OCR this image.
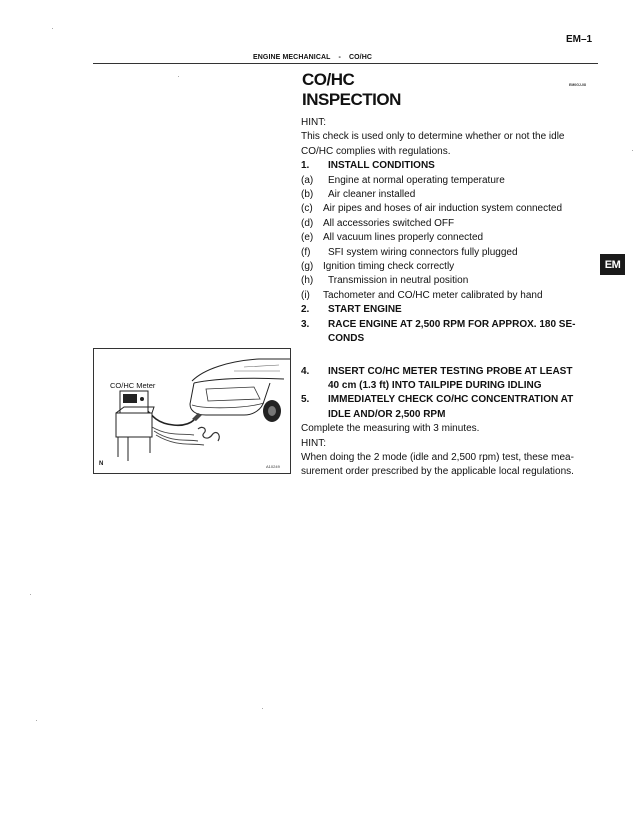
EM–1
ENGINE MECHANICAL - CO/HC
EM0GJ-08
CO/HC
INSPECTION
EM
HINT:
This check is used only to determine whether or not the idle
CO/HC complies with regulations.
1. INSTALL CONDITIONS
(a) Engine at normal operating temperature
(b) Air cleaner installed
(c) Air pipes and hoses of air induction system connected
(d) All accessories switched OFF
(e) All vacuum lines properly connected
(f) SFI system wiring connectors fully plugged
(g) Ignition timing check correctly
(h) Transmission in neutral position
(i) Tachometer and CO/HC meter calibrated by hand
2. START ENGINE
3. RACE ENGINE AT 2,500 RPM FOR APPROX. 180 SE-
CONDS
4. INSERT CO/HC METER TESTING PROBE AT LEAST
40 cm (1.3 ft) INTO TAILPIPE DURING IDLING
5. IMMEDIATELY CHECK CO/HC CONCENTRATION AT
IDLE AND/OR 2,500 RPM
Complete the measuring with 3 minutes.
HINT:
When doing the 2 mode (idle and 2,500 rpm) test, these mea-
surement order prescribed by the applicable local regulations.
CO/HC Meter
N	A10249
